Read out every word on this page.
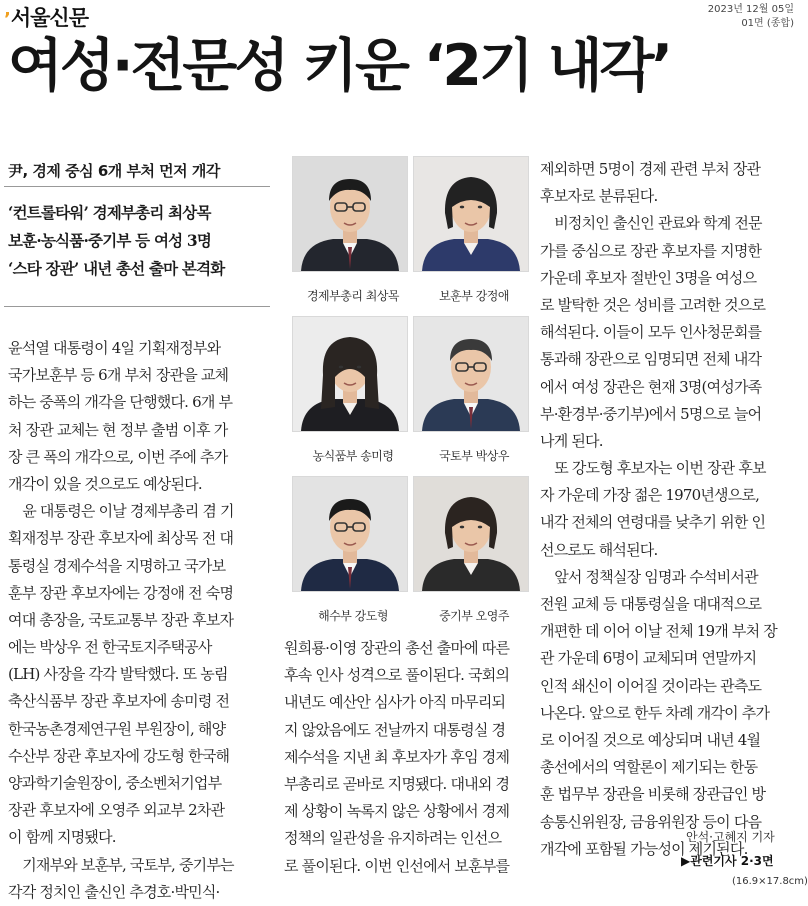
’서울신문	2023년 12월 05일
01면 (종합)
여성·전문성 키운 ‘2기 내각’
尹, 경제 중심 6개 부처 먼저 개각
‘컨트롤타워’ 경제부총리 최상목
보훈·농식품·중기부 등 여성 3명
‘스타 장관’ 내년 총선 출마 본격화
윤석열 대통령이 4일 기획재정부와
국가보훈부 등 6개 부처 장관을 교체
하는 중폭의 개각을 단행했다. 6개 부
처 장관 교체는 현 정부 출범 이후 가
장 큰 폭의 개각으로, 이번 주에 추가
개각이 있을 것으로도 예상된다.
　윤 대통령은 이날 경제부총리 겸 기
획재정부 장관 후보자에 최상목 전 대
통령실 경제수석을 지명하고 국가보
훈부 장관 후보자에는 강정애 전 숙명
여대 총장을, 국토교통부 장관 후보자
에는 박상우 전 한국토지주택공사
(LH) 사장을 각각 발탁했다. 또 농림
축산식품부 장관 후보자에 송미령 전
한국농촌경제연구원 부원장이, 해양
수산부 장관 후보자에 강도형 한국해
양과학기술원장이, 중소벤처기업부
장관 후보자에 오영주 외교부 2차관
이 함께 지명됐다.
　기재부와 보훈부, 국토부, 중기부는
각각 정치인 출신인 추경호·박민식·
경제부총리 최상목	보훈부 강정애
농식품부 송미령	국토부 박상우
해수부 강도형	중기부 오영주
원희룡·이영 장관의 총선 출마에 따른
후속 인사 성격으로 풀이된다. 국회의
내년도 예산안 심사가 아직 마무리되
지 않았음에도 전날까지 대통령실 경
제수석을 지낸 최 후보자가 후임 경제
부총리로 곧바로 지명됐다. 대내외 경
제 상황이 녹록지 않은 상황에서 경제
정책의 일관성을 유지하려는 인선으
로 풀이된다. 이번 인선에서 보훈부를
제외하면 5명이 경제 관련 부처 장관
후보자로 분류된다.
　비정치인 출신인 관료와 학계 전문
가를 중심으로 장관 후보자를 지명한
가운데 후보자 절반인 3명을 여성으
로 발탁한 것은 성비를 고려한 것으로
해석된다. 이들이 모두 인사청문회를
통과해 장관으로 임명되면 전체 내각
에서 여성 장관은 현재 3명(여성가족
부·환경부·중기부)에서 5명으로 늘어
나게 된다.
　또 강도형 후보자는 이번 장관 후보
자 가운데 가장 젊은 1970년생으로,
내각 전체의 연령대를 낮추기 위한 인
선으로도 해석된다.
　앞서 정책실장 임명과 수석비서관
전원 교체 등 대통령실을 대대적으로
개편한 데 이어 이날 전체 19개 부처 장
관 가운데 6명이 교체되며 연말까지
인적 쇄신이 이어질 것이라는 관측도
나온다. 앞으로 한두 차례 개각이 추가
로 이어질 것으로 예상되며 내년 4월
총선에서의 역할론이 제기되는 한동
훈 법무부 장관을 비롯해 장관급인 방
송통신위원장, 금융위원장 등이 다음
개각에 포함될 가능성이 제기된다.
안석·고혜지 기자
▶관련기사 2·3면
(16.9×17.8cm)
